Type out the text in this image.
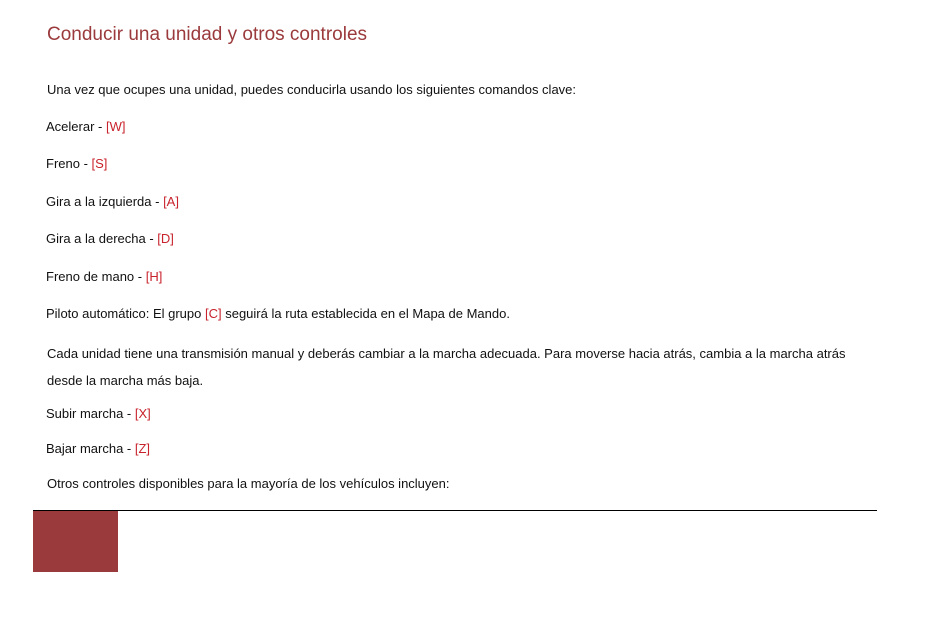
Conducir una unidad y otros controles
Una vez que ocupes una unidad, puedes conducirla usando los siguientes comandos clave:
Acelerar - [W]
Freno - [S]
Gira a la izquierda - [A]
Gira a la derecha - [D]
Freno de mano - [H]
Piloto automático: El grupo [C] seguirá la ruta establecida en el Mapa de Mando.
Cada unidad tiene una transmisión manual y deberás cambiar a la marcha adecuada. Para moverse hacia atrás, cambia a la marcha atrás desde la marcha más baja.
Subir marcha - [X]
Bajar marcha - [Z]
Otros controles disponibles para la mayoría de los vehículos incluyen:
